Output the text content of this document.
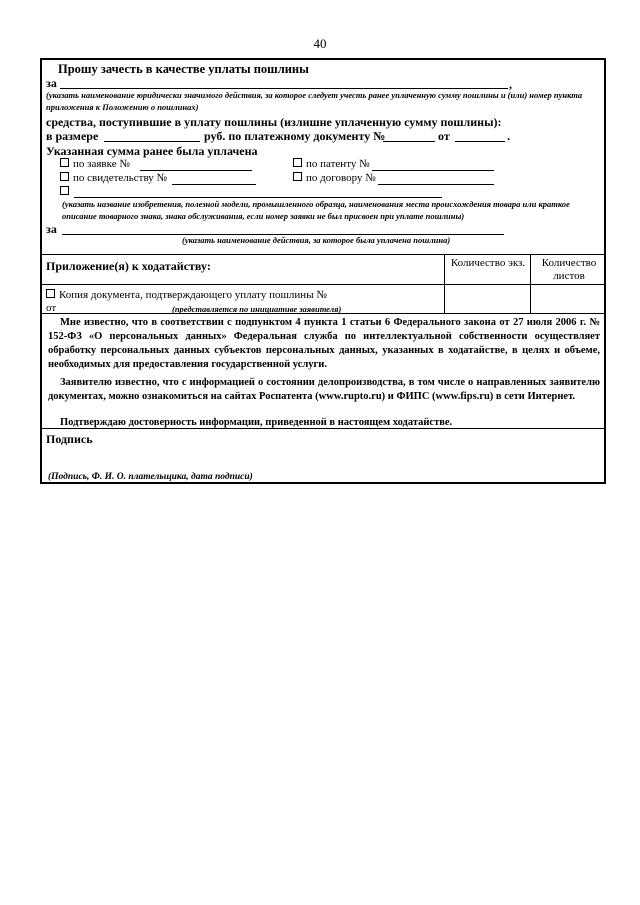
40
Прошу зачесть в качестве уплаты пошлины
за	,
(указать наименование юридически значимого действия, за которое следует учесть ранее уплаченную сумму пошлины и (или) номер пункта приложения к Положению о пошлинах)
средства, поступившие в уплату пошлины (излишне уплаченную сумму пошлины):
в размере	руб. по платежному документу №	от	.
Указанная сумма ранее была уплачена
по заявке №	по патенту №
по свидетельству №	по договору №
(указать название изобретения, полезной модели, промышленного образца, наименования места происхождения товара или краткое описание товарного знака, знака обслуживания, если номер заявки не был присвоен при уплате пошлины)
за
(указать наименование действия, за которое была уплачена пошлина)
Приложение(я) к ходатайству:	Количество экз.	Количество листов
Копия документа, подтверждающего уплату пошлины №
от	(представляется по инициативе заявителя)
Мне известно, что в соответствии с подпунктом 4 пункта 1 статьи 6 Федерального закона от 27 июля 2006 г. № 152-ФЗ «О персональных данных» Федеральная служба по интеллектуальной собственности осуществляет обработку персональных данных субъектов персональных данных, указанных в ходатайстве, в целях и объеме, необходимых для предоставления государственной услуги.
Заявителю известно, что с информацией о состоянии делопроизводства, в том числе о направленных заявителю документах, можно ознакомиться на сайтах Роспатента (www.rupto.ru) и ФИПС (www.fips.ru) в сети Интернет.
Подтверждаю достоверность информации, приведенной в настоящем ходатайстве.
Подпись
(Подпись, Ф. И. О. плательщика, дата подписи)
